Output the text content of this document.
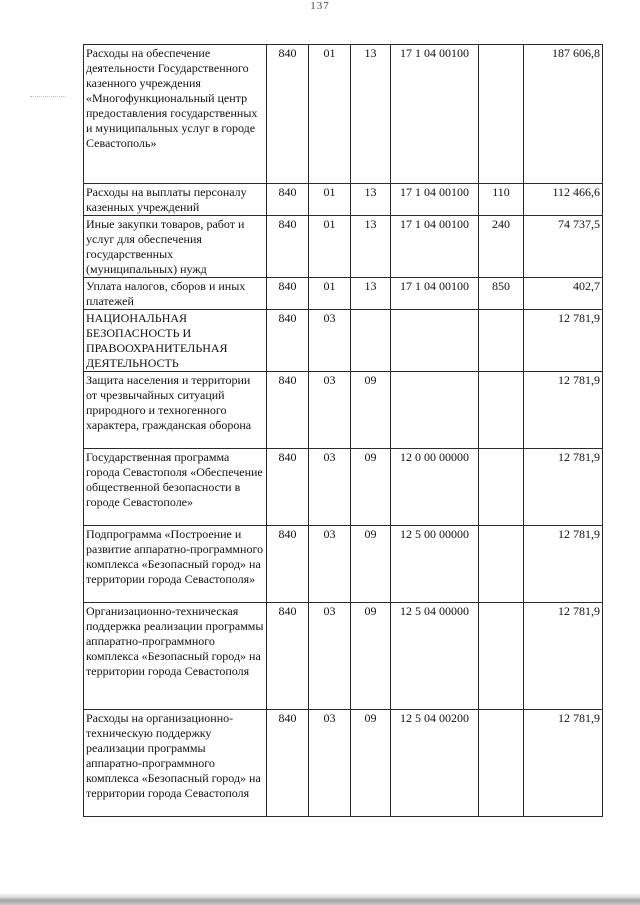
137
Расходы на обеспечение деятельности Государственного казенного учреждения «Многофункциональный центр предоставления государственных и муниципальных услуг в городе Севастополь»	840	01	13	17 1 04 00100		187 606,8
Расходы на выплаты персоналу казенных учреждений	840	01	13	17 1 04 00100	110	112 466,6
Иные закупки товаров, работ и услуг для обеспечения государственных (муниципальных) нужд	840	01	13	17 1 04 00100	240	74 737,5
Уплата налогов, сборов и иных платежей	840	01	13	17 1 04 00100	850	402,7
НАЦИОНАЛЬНАЯ БЕЗОПАСНОСТЬ И ПРАВООХРАНИТЕЛЬНАЯ ДЕЯТЕЛЬНОСТЬ	840	03				12 781,9
Защита населения и территории от чрезвычайных ситуаций природного и техногенного характера, гражданская оборона	840	03	09			12 781,9
Государственная программа города Севастополя «Обеспечение общественной безопасности в городе Севастополе»	840	03	09	12 0 00 00000		12 781,9
Подпрограмма «Построение и развитие аппаратно-программного комплекса «Безопасный город» на территории города Севастополя»	840	03	09	12 5 00 00000		12 781,9
Организационно-техническая поддержка реализации программы аппаратно-программного комплекса «Безопасный город» на территории города Севастополя	840	03	09	12 5 04 00000		12 781,9
Расходы на организационно-техническую поддержку реализации программы аппаратно-программного комплекса «Безопасный город» на территории города Севастополя	840	03	09	12 5 04 00200		12 781,9
